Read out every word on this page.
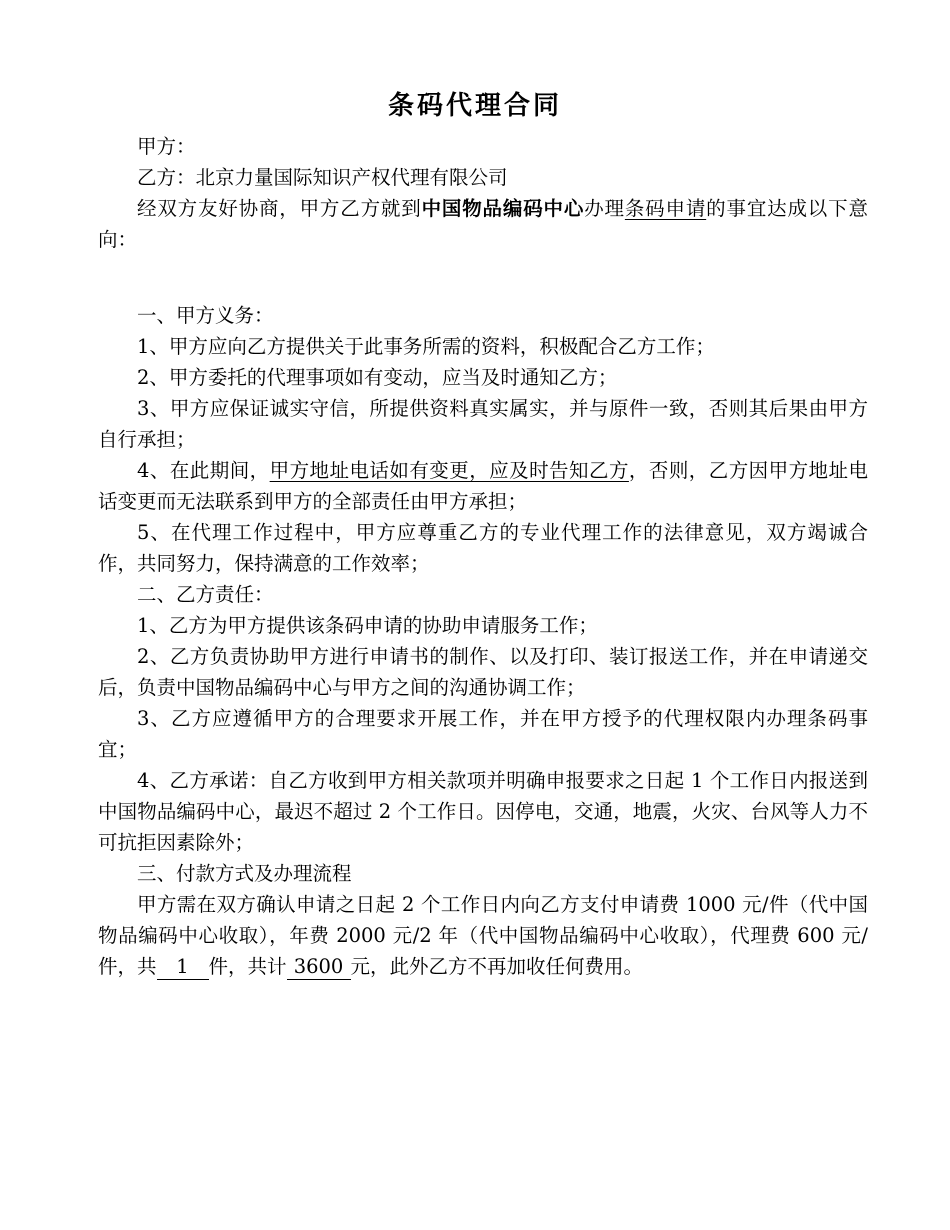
条码代理合同

甲方：

乙方：北京力量国际知识产权代理有限公司

经双方友好协商，甲方乙方就到中国物品编码中心办理条码申请的事宜达成以下意向：

一、甲方义务：

1、甲方应向乙方提供关于此事务所需的资料，积极配合乙方工作；

2、甲方委托的代理事项如有变动，应当及时通知乙方；

3、甲方应保证诚实守信，所提供资料真实属实，并与原件一致，否则其后果由甲方自行承担；

4、在此期间，甲方地址电话如有变更，应及时告知乙方，否则，乙方因甲方地址电话变更而无法联系到甲方的全部责任由甲方承担；

5、在代理工作过程中，甲方应尊重乙方的专业代理工作的法律意见，双方竭诚合作，共同努力，保持满意的工作效率；

二、乙方责任：

1、乙方为甲方提供该条码申请的协助申请服务工作；

2、乙方负责协助甲方进行申请书的制作、以及打印、装订报送工作，并在申请递交后，负责中国物品编码中心与甲方之间的沟通协调工作；

3、乙方应遵循甲方的合理要求开展工作，并在甲方授予的代理权限内办理条码事宜；

4、乙方承诺：自乙方收到甲方相关款项并明确申报要求之日起 1 个工作日内报送到中国物品编码中心，最迟不超过 2 个工作日。因停电，交通，地震，火灾、台风等人力不可抗拒因素除外；

三、付款方式及办理流程

甲方需在双方确认申请之日起 2 个工作日内向乙方支付申请费 1000 元/件（代中国物品编码中心收取），年费 2000 元/2 年（代中国物品编码中心收取），代理费 600 元/件，共 1 件，共计 3600 元，此外乙方不再加收任何费用。
